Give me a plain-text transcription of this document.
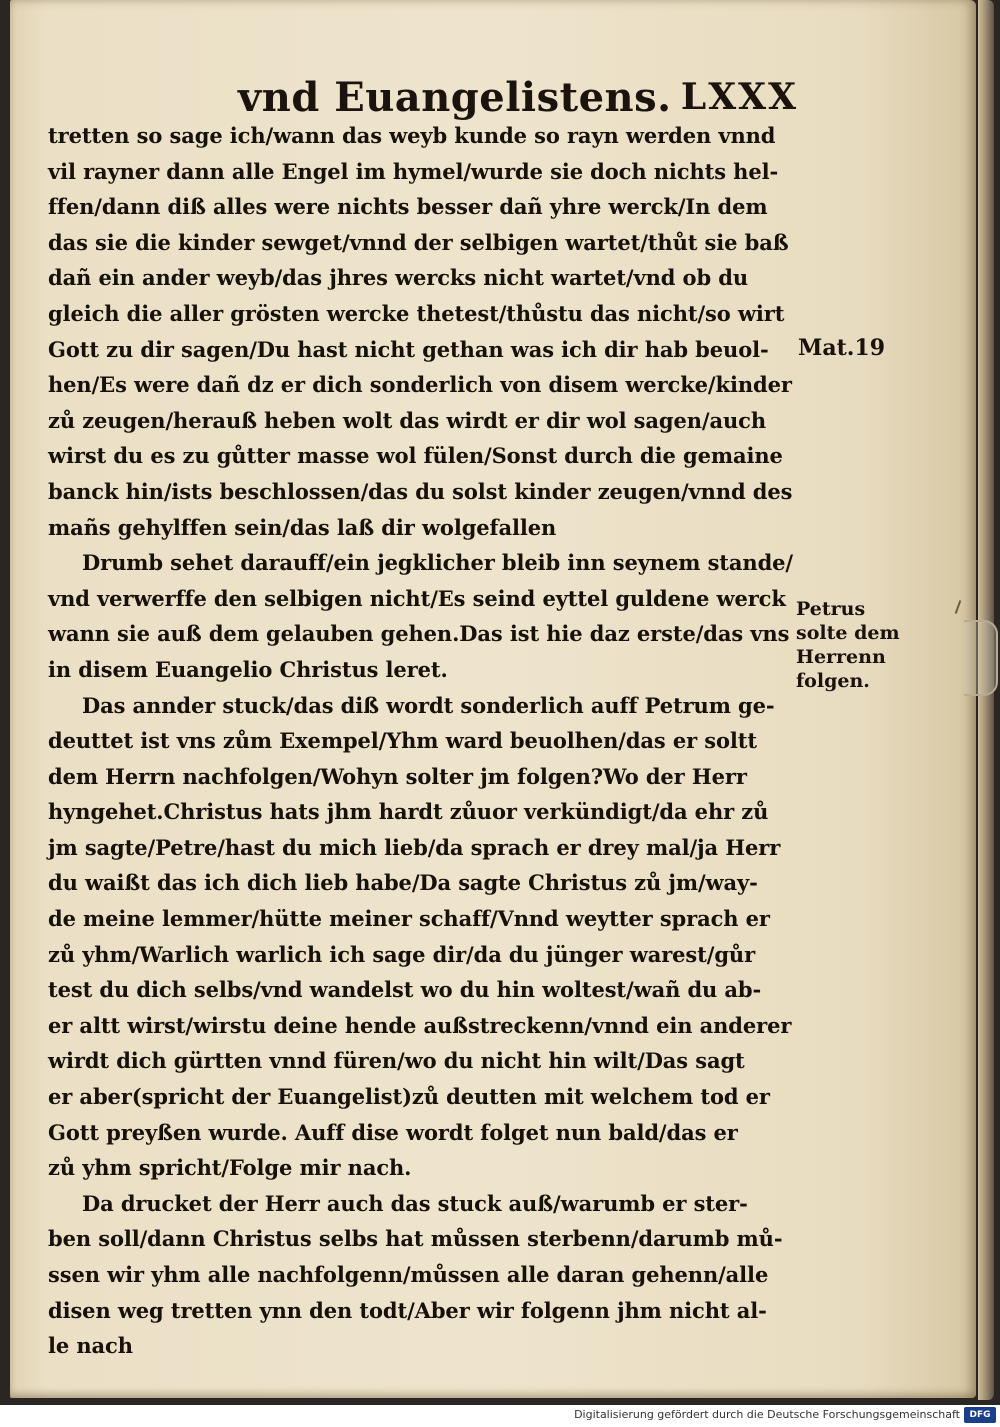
vnd Euangelistens. LXXX
tretten so sage ich/wann das weyb kunde so rayn werden vnnd
vil rayner dann alle Engel im hymel/wurde sie doch nichts hel-
ffen/dann diß alles were nichts besser dañ yhre werck/In dem
das sie die kinder sewget/vnnd der selbigen wartet/thůt sie baß
dañ ein ander weyb/das jhres wercks nicht wartet/vnd ob du
gleich die aller grösten wercke thetest/thůstu das nicht/so wirt
Gott zu dir sagen/Du hast nicht gethan was ich dir hab beuol-
hen/Es were dañ dz er dich sonderlich von disem wercke/kinder
zů zeugen/herauß heben wolt das wirdt er dir wol sagen/auch
wirst du es zu gůtter masse wol fülen/Sonst durch die gemaine
banck hin/ists beschlossen/das du solst kinder zeugen/vnnd des
mañs gehylffen sein/das laß dir wolgefallen
Drumb sehet darauff/ein jegklicher bleib inn seynem stande/
vnd verwerffe den selbigen nicht/Es seind eyttel guldene werck
wann sie auß dem gelauben gehen.Das ist hie daz erste/das vns
in disem Euangelio Christus leret.
Das annder stuck/das diß wordt sonderlich auff Petrum ge-
deuttet ist vns zům Exempel/Yhm ward beuolhen/das er soltt
dem Herrn nachfolgen/Wohyn solter jm folgen?Wo der Herr
hyngehet.Christus hats jhm hardt zůuor verkündigt/da ehr zů
jm sagte/Petre/hast du mich lieb/da sprach er drey mal/ja Herr
du waißt das ich dich lieb habe/Da sagte Christus zů jm/way-
de meine lemmer/hütte meiner schaff/Vnnd weytter sprach er
zů yhm/Warlich warlich ich sage dir/da du jünger warest/gůr
test du dich selbs/vnd wandelst wo du hin woltest/wañ du ab-
er altt wirst/wirstu deine hende außstreckenn/vnnd ein anderer
wirdt dich gürtten vnnd füren/wo du nicht hin wilt/Das sagt
er aber(spricht der Euangelist)zů deutten mit welchem tod er
Gott preyßen wurde. Auff dise wordt folget nun bald/das er
zů yhm spricht/Folge mir nach.
Da drucket der Herr auch das stuck auß/warumb er ster-
ben soll/dann Christus selbs hat můssen sterbenn/darumb mů-
ssen wir yhm alle nachfolgenn/můssen alle daran gehenn/alle
disen weg tretten ynn den todt/Aber wir folgenn jhm nicht al-
le nach
Mat.19
Petrus
solte dem
Herrenn
folgen.
Digitalisierung gefördert durch die Deutsche Forschungsgemeinschaft	DFG
